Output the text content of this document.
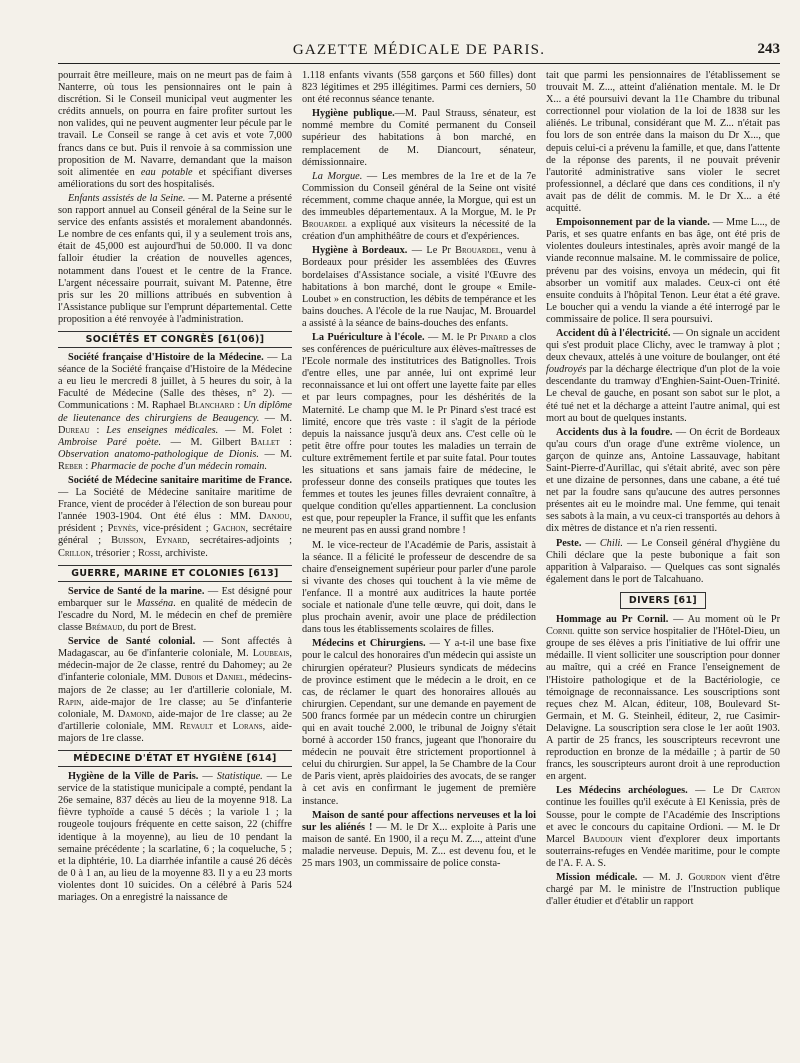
GAZETTE MÉDICALE DE PARIS.	243

pourrait être meilleure, mais on ne meurt pas de faim à Nanterre, où tous les pensionnaires ont le pain à discrétion. Si le Conseil municipal veut augmenter les crédits annuels, on pourra en faire profiter surtout les non valides, qui ne peuvent augmenter leur pécule par le travail. Le Conseil se range à cet avis et vote 7,000 francs dans ce but. Puis il renvoie à sa commission une proposition de M. Navarre, demandant que la maison soit alimentée en eau potable et spécifiant diverses améliorations du sort des hospitalisés.

Enfants assistés de la Seine. — M. Paterne a présenté son rapport annuel au Conseil général de la Seine sur le service des enfants assistés et moralement abandonnés. Le nombre de ces enfants qui, il y a seulement trois ans, était de 45,000 est aujourd'hui de 50.000. Il va donc falloir étudier la création de nouvelles agences, notamment dans l'ouest et le centre de la France. L'argent nécessaire pourrait, suivant M. Patenne, être pris sur les 20 millions attribués en subvention à l'Assistance publique sur l'emprunt départemental. Cette proposition a été renvoyée à l'administration.

SOCIÉTÉS ET CONGRÈS [61(06)]

Société française d'Histoire de la Médecine. — La séance de la Société française d'Histoire de la Médecine a eu lieu le mercredi 8 juillet, à 5 heures du soir, à la Faculté de Médecine (Salle des thèses, n° 2). — Communications : M. Raphael Blanchard : Un diplôme de lieutenance des chirurgiens de Beaugency. — M. Dureau : Les enseignes médicales. — M. Folet : Ambroise Paré poète. — M. Gilbert Ballet : Observation anatomo-pathologique de Dionis. — M. Reber : Pharmacie de poche d'un médecin romain.

Société de Médecine sanitaire maritime de France. — La Société de Médecine sanitaire maritime de France, vient de procéder à l'élection de son bureau pour l'année 1903-1904. Ont été élus : MM. Danjou, président ; Peynès, vice-président ; Gachon, secrétaire général ; Buisson, Eynard, secrétaires-adjoints ; Crillon, trésorier ; Rossi, archiviste.

GUERRE, MARINE ET COLONIES [613]

Service de Santé de la marine. — Est désigné pour embarquer sur le Masséna. en qualité de médecin de l'escadre du Nord, M. le médecin en chef de première classe Brémaud, du port de Brest.

Service de Santé colonial. — Sont affectés à Madagascar, au 6e d'infanterie coloniale, M. Loubeais, médecin-major de 2e classe, rentré du Dahomey; au 2e d'infanterie coloniale, MM. Dubois et Daniel, médecins-majors de 2e classe; au 1er d'artillerie coloniale, M. Rapin, aide-major de 1re classe; au 5e d'infanterie coloniale, M. Damond, aide-major de 1re classe; au 2e d'artillerie coloniale, MM. Revault et Lorans, aide-majors de 1re classe.

MÉDECINE D'ÉTAT ET HYGIÈNE [614]

Hygiène de la Ville de Paris. — Statistique. — Le service de la statistique municipale a compté, pendant la 26e semaine, 837 décès au lieu de la moyenne 918. La fièvre typhoïde a causé 5 décès ; la variole 1 ; la rougeole toujours fréquente en cette saison, 22 (chiffre identique à la moyenne), au lieu de 10 pendant la semaine précédente ; la scarlatine, 6 ; la coqueluche, 5 ; et la diphtérie, 10. La diarrhée infantile a causé 26 décès de 0 à 1 an, au lieu de la moyenne 83. Il y a eu 23 morts violentes dont 10 suicides. On a célébré à Paris 524 mariages. On a enregistré la naissance de

1.118 enfants vivants (558 garçons et 560 filles) dont 823 légitimes et 295 illégitimes. Parmi ces derniers, 50 ont été reconnus séance tenante.

Hygiène publique.—M. Paul Strauss, sénateur, est nommé membre du Comité permanent du Conseil supérieur des habitations à bon marché, en remplacement de M. Diancourt, sénateur, démissionnaire.

La Morgue. — Les membres de la 1re et de la 7e Commission du Conseil général de la Seine ont visité récemment, comme chaque année, la Morgue, qui est un des immeubles départementaux. A la Morgue, M. le Pr Brouardel a expliqué aux visiteurs la nécessité de la création d'un amphithéâtre de cours et d'expériences.

Hygiène à Bordeaux. — Le Pr Brouardel, venu à Bordeaux pour présider les assemblées des Œuvres bordelaises d'Assistance sociale, a visité l'Œuvre des habitations à bon marché, dont le groupe « Emile-Loubet » en construction, les débits de tempérance et les bains douches. A l'école de la rue Naujac, M. Brouardel a assisté à la séance de bains-douches des enfants.

La Puériculture à l'école. — M. le Pr Pinard a clos ses conférences de puériculture aux élèves-maîtresses de l'Ecole normale des institutrices des Batignolles. Trois d'entre elles, une par année, lui ont exprimé leur reconnaissance et lui ont offert une layette faite par elles et par leurs compagnes, pour les déshérités de la Maternité. Le champ que M. le Pr Pinard s'est tracé est limité, encore que très vaste : il s'agit de la période depuis la naissance jusqu'à deux ans. C'est celle où le petit être offre pour toutes les maladies un terrain de culture extrêmement fertile et par suite fatal. Pour toutes les situations et sans jamais faire de médecine, le professeur donne des conseils pratiques que toutes les femmes et toutes les jeunes filles devraient connaître, à quelque condition qu'elles appartiennent. La conclusion est que, pour repeupler la France, il suffit que les enfants ne meurent pas en aussi grand nombre !

M. le vice-recteur de l'Académie de Paris, assistait à la séance. Il a félicité le professeur de descendre de sa chaire d'enseignement supérieur pour parler d'une parole si vivante des choses qui touchent à la vie même de l'enfance. Il a montré aux auditrices la haute portée sociale et nationale d'une telle œuvre, qui doit, dans le plus prochain avenir, avoir une place de prédilection dans tous les établissements scolaires de filles.

Médecins et Chirurgiens. — Y a-t-il une base fixe pour le calcul des honoraires d'un médecin qui assiste un chirurgien opérateur? Plusieurs syndicats de médecins de province estiment que le médecin a le droit, en ce cas, de réclamer le quart des honoraires alloués au chirurgien. Cependant, sur une demande en payement de 500 francs formée par un médecin contre un chirurgien qui en avait touché 2.000, le tribunal de Joigny s'était borné à accorder 150 francs, jugeant que l'honoraire du médecin ne pouvait être strictement proportionnel à celui du chirurgien. Sur appel, la 5e Chambre de la Cour de Paris vient, après plaidoiries des avocats, de se ranger à cet avis en confirmant le jugement de première instance.

Maison de santé pour affections nerveuses et la loi sur les aliénés ! — M. le Dr X... exploite à Paris une maison de santé. En 1900, il a reçu M. Z..., atteint d'une maladie nerveuse. Depuis, M. Z... est devenu fou, et le 25 mars 1903, un commissaire de police consta-

tait que parmi les pensionnaires de l'établissement se trouvait M. Z..., atteint d'aliénation mentale. M. le Dr X... a été poursuivi devant la 11e Chambre du tribunal correctionnel pour violation de la loi de 1838 sur les aliénés. Le tribunal, considérant que M. Z... n'était pas fou lors de son entrée dans la maison du Dr X..., que depuis celui-ci a prévenu la famille, et que, dans l'attente de la réponse des parents, il ne pouvait prévenir l'autorité administrative sans violer le secret professionnel, a déclaré que dans ces conditions, il n'y avait pas de délit de commis. M. le Dr X... a été acquitté.

Empoisonnement par de la viande. — Mme L..., de Paris, et ses quatre enfants en bas âge, ont été pris de violentes douleurs intestinales, après avoir mangé de la viande reconnue malsaine. M. le commissaire de police, prévenu par des voisins, envoya un médecin, qui fit absorber un vomitif aux malades. Ceux-ci ont été ensuite conduits à l'hôpital Tenon. Leur état a été grave. Le boucher qui a vendu la viande a été interrogé par le commissaire de police. Il sera poursuivi.

Accident dû à l'électricité. — On signale un accident qui s'est produit place Clichy, avec le tramway à plot ; deux chevaux, attelés à une voiture de boulanger, ont été foudroyés par la décharge électrique d'un plot de la voie descendante du tramway d'Enghien-Saint-Ouen-Trinité. Le cheval de gauche, en posant son sabot sur le plot, a été tué net et la décharge a atteint l'autre animal, qui est mort au bout de quelques instants.

Accidents dus à la foudre. — On écrit de Bordeaux qu'au cours d'un orage d'une extrême violence, un garçon de quinze ans, Antoine Lassauvage, habitant Saint-Pierre-d'Aurillac, qui s'était abrité, avec son père et une dizaine de personnes, dans une cabane, a été tué net par la foudre sans qu'aucune des autres personnes présentes ait eu le moindre mal. Une femme, qui tenait ses sabots à la main, a vu ceux-ci transportés au dehors à dix mètres de distance et n'a rien ressenti.

Peste. — Chili. — Le Conseil général d'hygiène du Chili déclare que la peste bubonique a fait son apparition à Valparaiso. — Quelques cas sont signalés également dans le port de Talcahuano.

DIVERS [61]

Hommage au Pr Cornil. — Au moment où le Pr Cornil quitte son service hospitalier de l'Hôtel-Dieu, un groupe de ses élèves a pris l'initiative de lui offrir une médaille. Il vient solliciter une souscription pour donner au maître, qui a créé en France l'enseignement de l'Histoire pathologique et de la Bactériologie, ce témoignage de reconnaissance. Les souscriptions sont reçues chez M. Alcan, éditeur, 108, Boulevard St-Germain, et M. G. Steinheil, éditeur, 2, rue Casimir-Delavigne. La souscription sera close le 1er août 1903. A partir de 25 francs, les souscripteurs recevront une reproduction en bronze de la médaille ; à partir de 50 francs, les souscripteurs auront droit à une reproduction en argent.

Les Médecins archéologues. — Le Dr Carton continue les fouilles qu'il exécute à El Kenissia, près de Sousse, pour le compte de l'Académie des Inscriptions et avec le concours du capitaine Ordioni. — M. le Dr Marcel Baudouin vient d'explorer deux importants souterrains-refuges en Vendée maritime, pour le compte de l'A. F. A. S.

Mission médicale. — M. J. Gourdon vient d'être chargé par M. le ministre de l'Instruction publique d'aller étudier et d'établir un rapport
